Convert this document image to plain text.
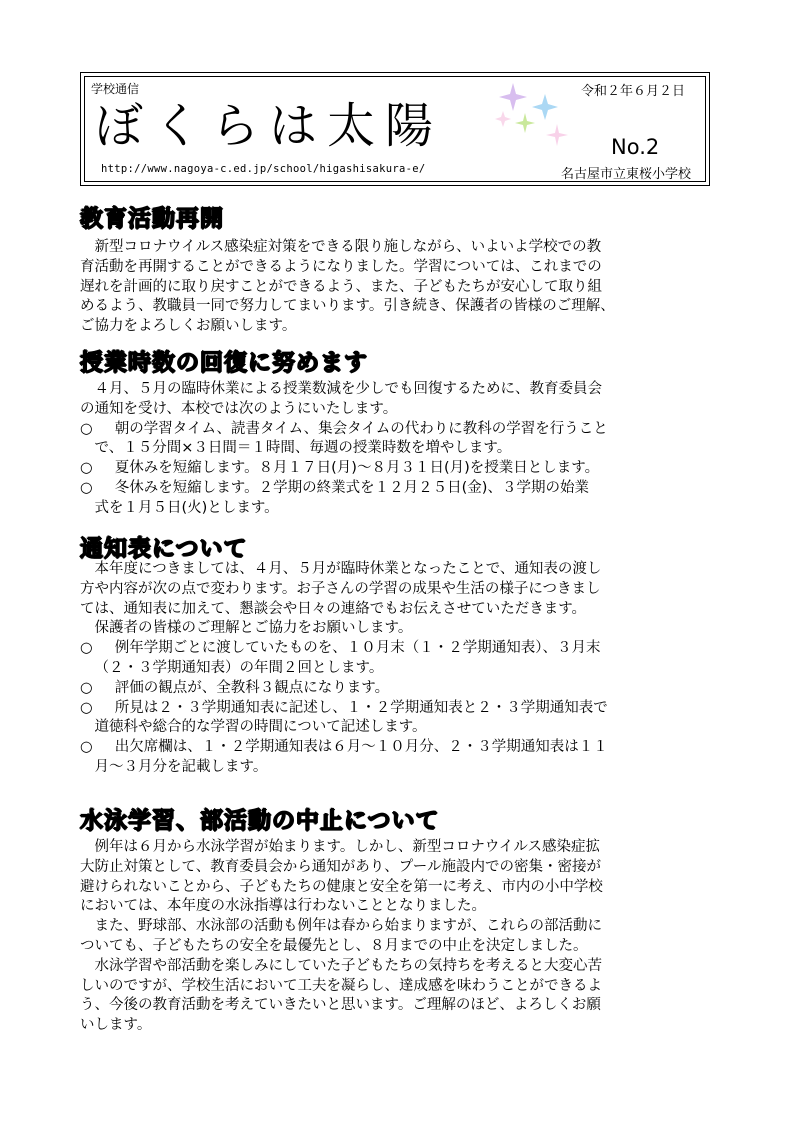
学校通信	令和２年６月２日
ぼくらは太陽	No.2
http://www.nagoya-c.ed.jp/school/higashisakura-e/	名古屋市立東桜小学校
教育活動再開

新型コロナウイルス感染症対策をできる限り施しながら、いよいよ学校での教

育活動を再開することができるようになりました。学習については、これまでの

遅れを計画的に取り戻すことができるよう、また、子どもたちが安心して取り組

めるよう、教職員一同で努力してまいります。引き続き、保護者の皆様のご理解、

ご協力をよろしくお願いします。

授業時数の回復に努めます

４月、５月の臨時休業による授業数減を少しでも回復するために、教育委員会

の通知を受け、本校では次のようにいたします。

○ 朝の学習タイム、読書タイム、集会タイムの代わりに教科の学習を行うこと

で、１５分間×３日間＝１時間、毎週の授業時数を増やします。

○ 夏休みを短縮します。８月１７日(月)～８月３１日(月)を授業日とします。

○ 冬休みを短縮します。２学期の終業式を１２月２５日(金)、３学期の始業

式を１月５日(火)とします。

通知表について

本年度につきましては、４月、５月が臨時休業となったことで、通知表の渡し

方や内容が次の点で変わります。お子さんの学習の成果や生活の様子につきまし

ては、通知表に加えて、懇談会や日々の連絡でもお伝えさせていただきます。

保護者の皆様のご理解とご協力をお願いします。

○ 例年学期ごとに渡していたものを、１０月末（１・２学期通知表）、３月末

（２・３学期通知表）の年間２回とします。

○ 評価の観点が、全教科３観点になります。

○ 所見は２・３学期通知表に記述し、１・２学期通知表と２・３学期通知表で

道徳科や総合的な学習の時間について記述します。

○ 出欠席欄は、１・２学期通知表は６月～１０月分、２・３学期通知表は１１

月～３月分を記載します。

水泳学習、部活動の中止について

例年は６月から水泳学習が始まります。しかし、新型コロナウイルス感染症拡

大防止対策として、教育委員会から通知があり、プール施設内での密集・密接が

避けられないことから、子どもたちの健康と安全を第一に考え、市内の小中学校

においては、本年度の水泳指導は行わないこととなりました。

また、野球部、水泳部の活動も例年は春から始まりますが、これらの部活動に

ついても、子どもたちの安全を最優先とし、８月までの中止を決定しました。

水泳学習や部活動を楽しみにしていた子どもたちの気持ちを考えると大変心苦

しいのですが、学校生活において工夫を凝らし、達成感を味わうことができるよ

う、今後の教育活動を考えていきたいと思います。ご理解のほど、よろしくお願

いします。
